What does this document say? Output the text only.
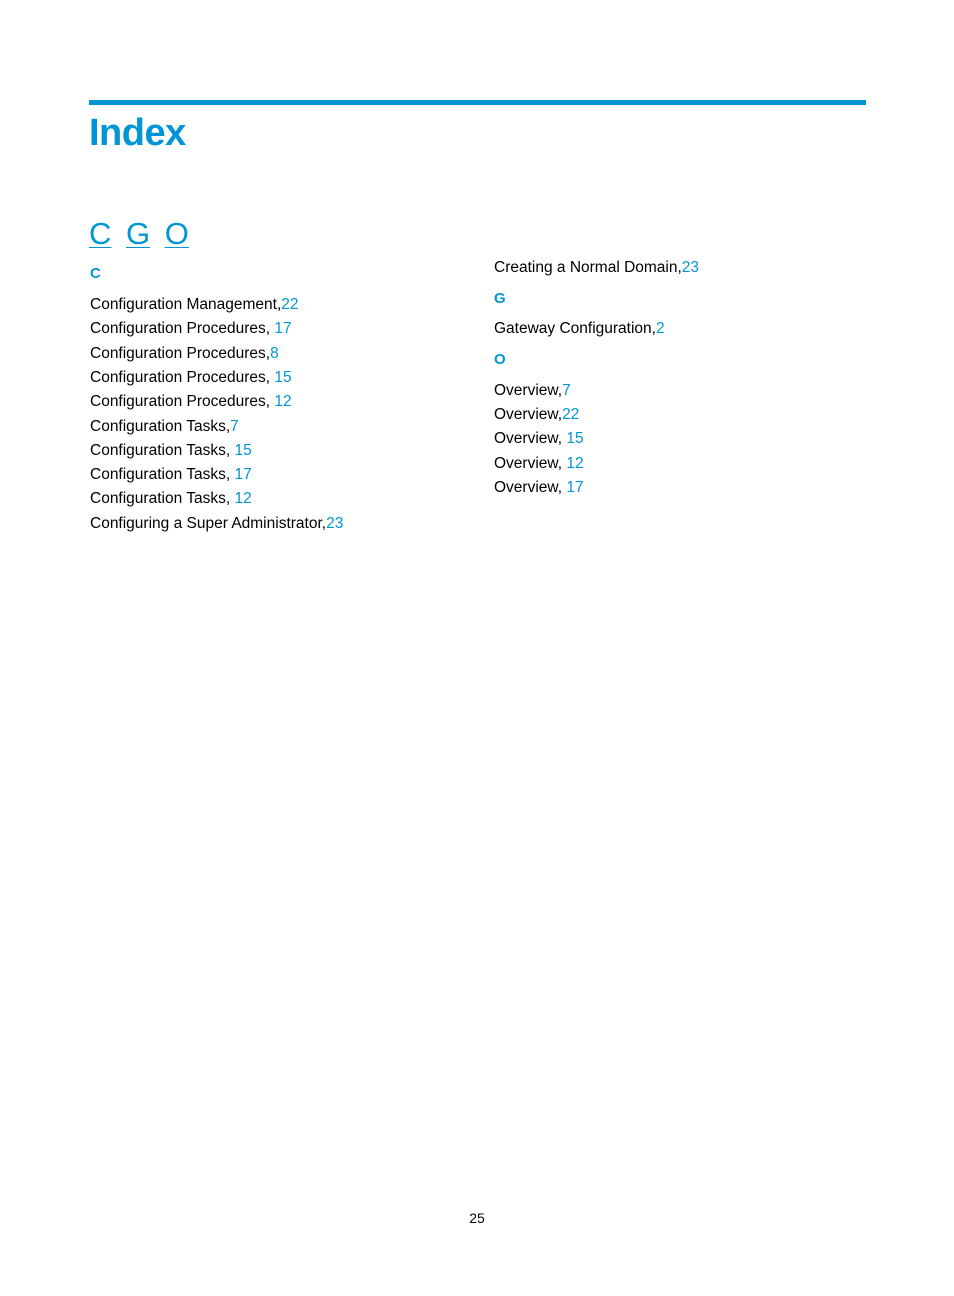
Index
C G O
C
Configuration Management,22
Configuration Procedures, 17
Configuration Procedures,8
Configuration Procedures, 15
Configuration Procedures, 12
Configuration Tasks,7
Configuration Tasks, 15
Configuration Tasks, 17
Configuration Tasks, 12
Configuring a Super Administrator,23
Creating a Normal Domain,23
G
Gateway Configuration,2
O
Overview,7
Overview,22
Overview, 15
Overview, 12
Overview, 17
25
